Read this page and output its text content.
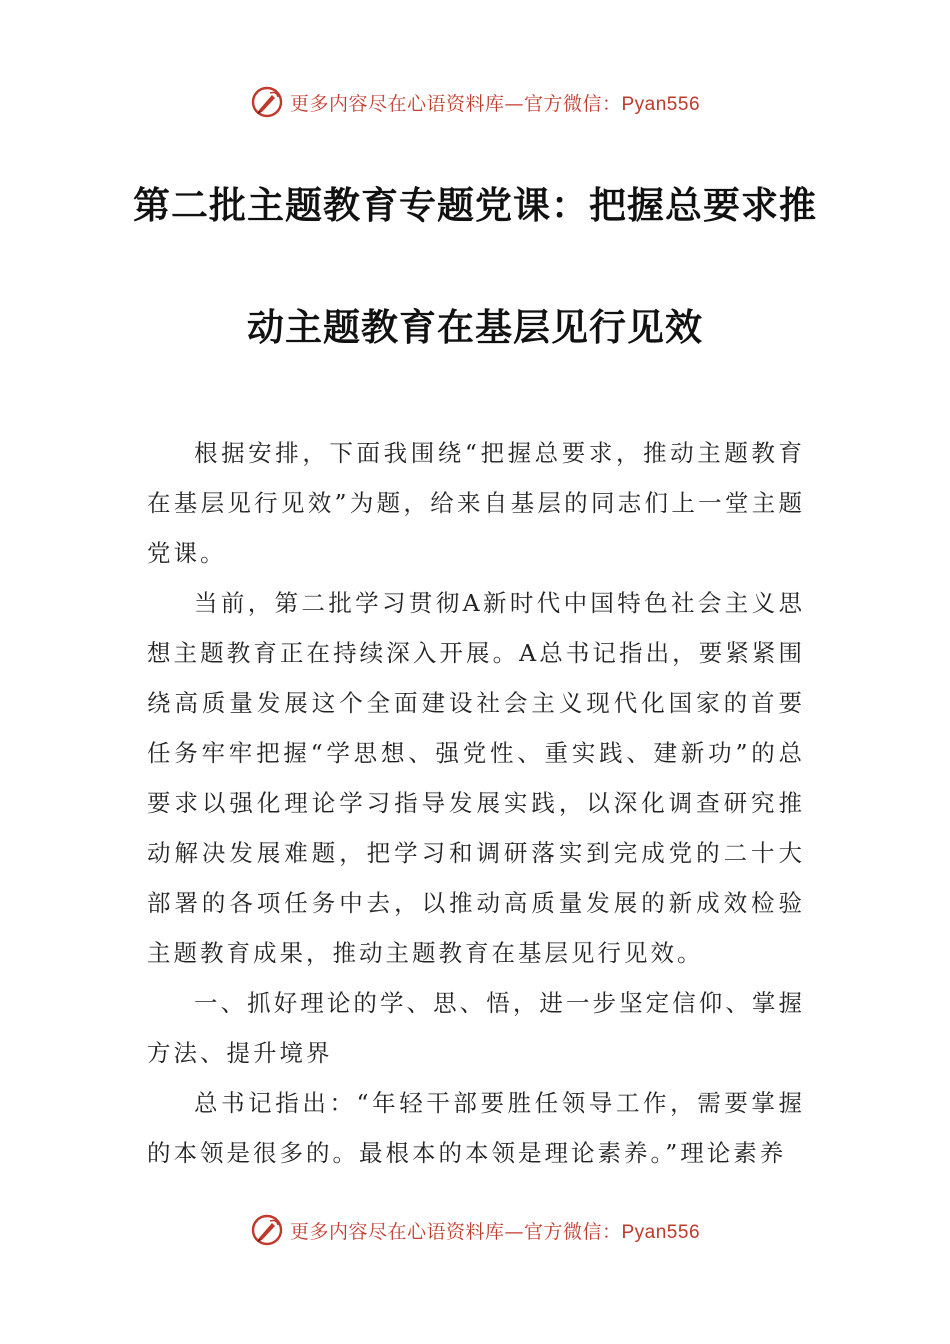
更多内容尽在心语资料库—官方微信：Pyan556
第二批主题教育专题党课：把握总要求推
动主题教育在基层见行见效

根据安排，下面我围绕“把握总要求，推动主题教育在基层见行见效”为题，给来自基层的同志们上一堂主题党课。

当前，第二批学习贯彻A新时代中国特色社会主义思想主题教育正在持续深入开展。A总书记指出，要紧紧围绕高质量发展这个全面建设社会主义现代化国家的首要任务牢牢把握“学思想、强党性、重实践、建新功”的总要求以强化理论学习指导发展实践，以深化调查研究推动解决发展难题，把学习和调研落实到完成党的二十大部署的各项任务中去，以推动高质量发展的新成效检验主题教育成果，推动主题教育在基层见行见效。

一、抓好理论的学、思、悟，进一步坚定信仰、掌握方法、提升境界

总书记指出：“年轻干部要胜任领导工作，需要掌握的本领是很多的。最根本的本领是理论素养。”理论素养

更多内容尽在心语资料库—官方微信：Pyan556
